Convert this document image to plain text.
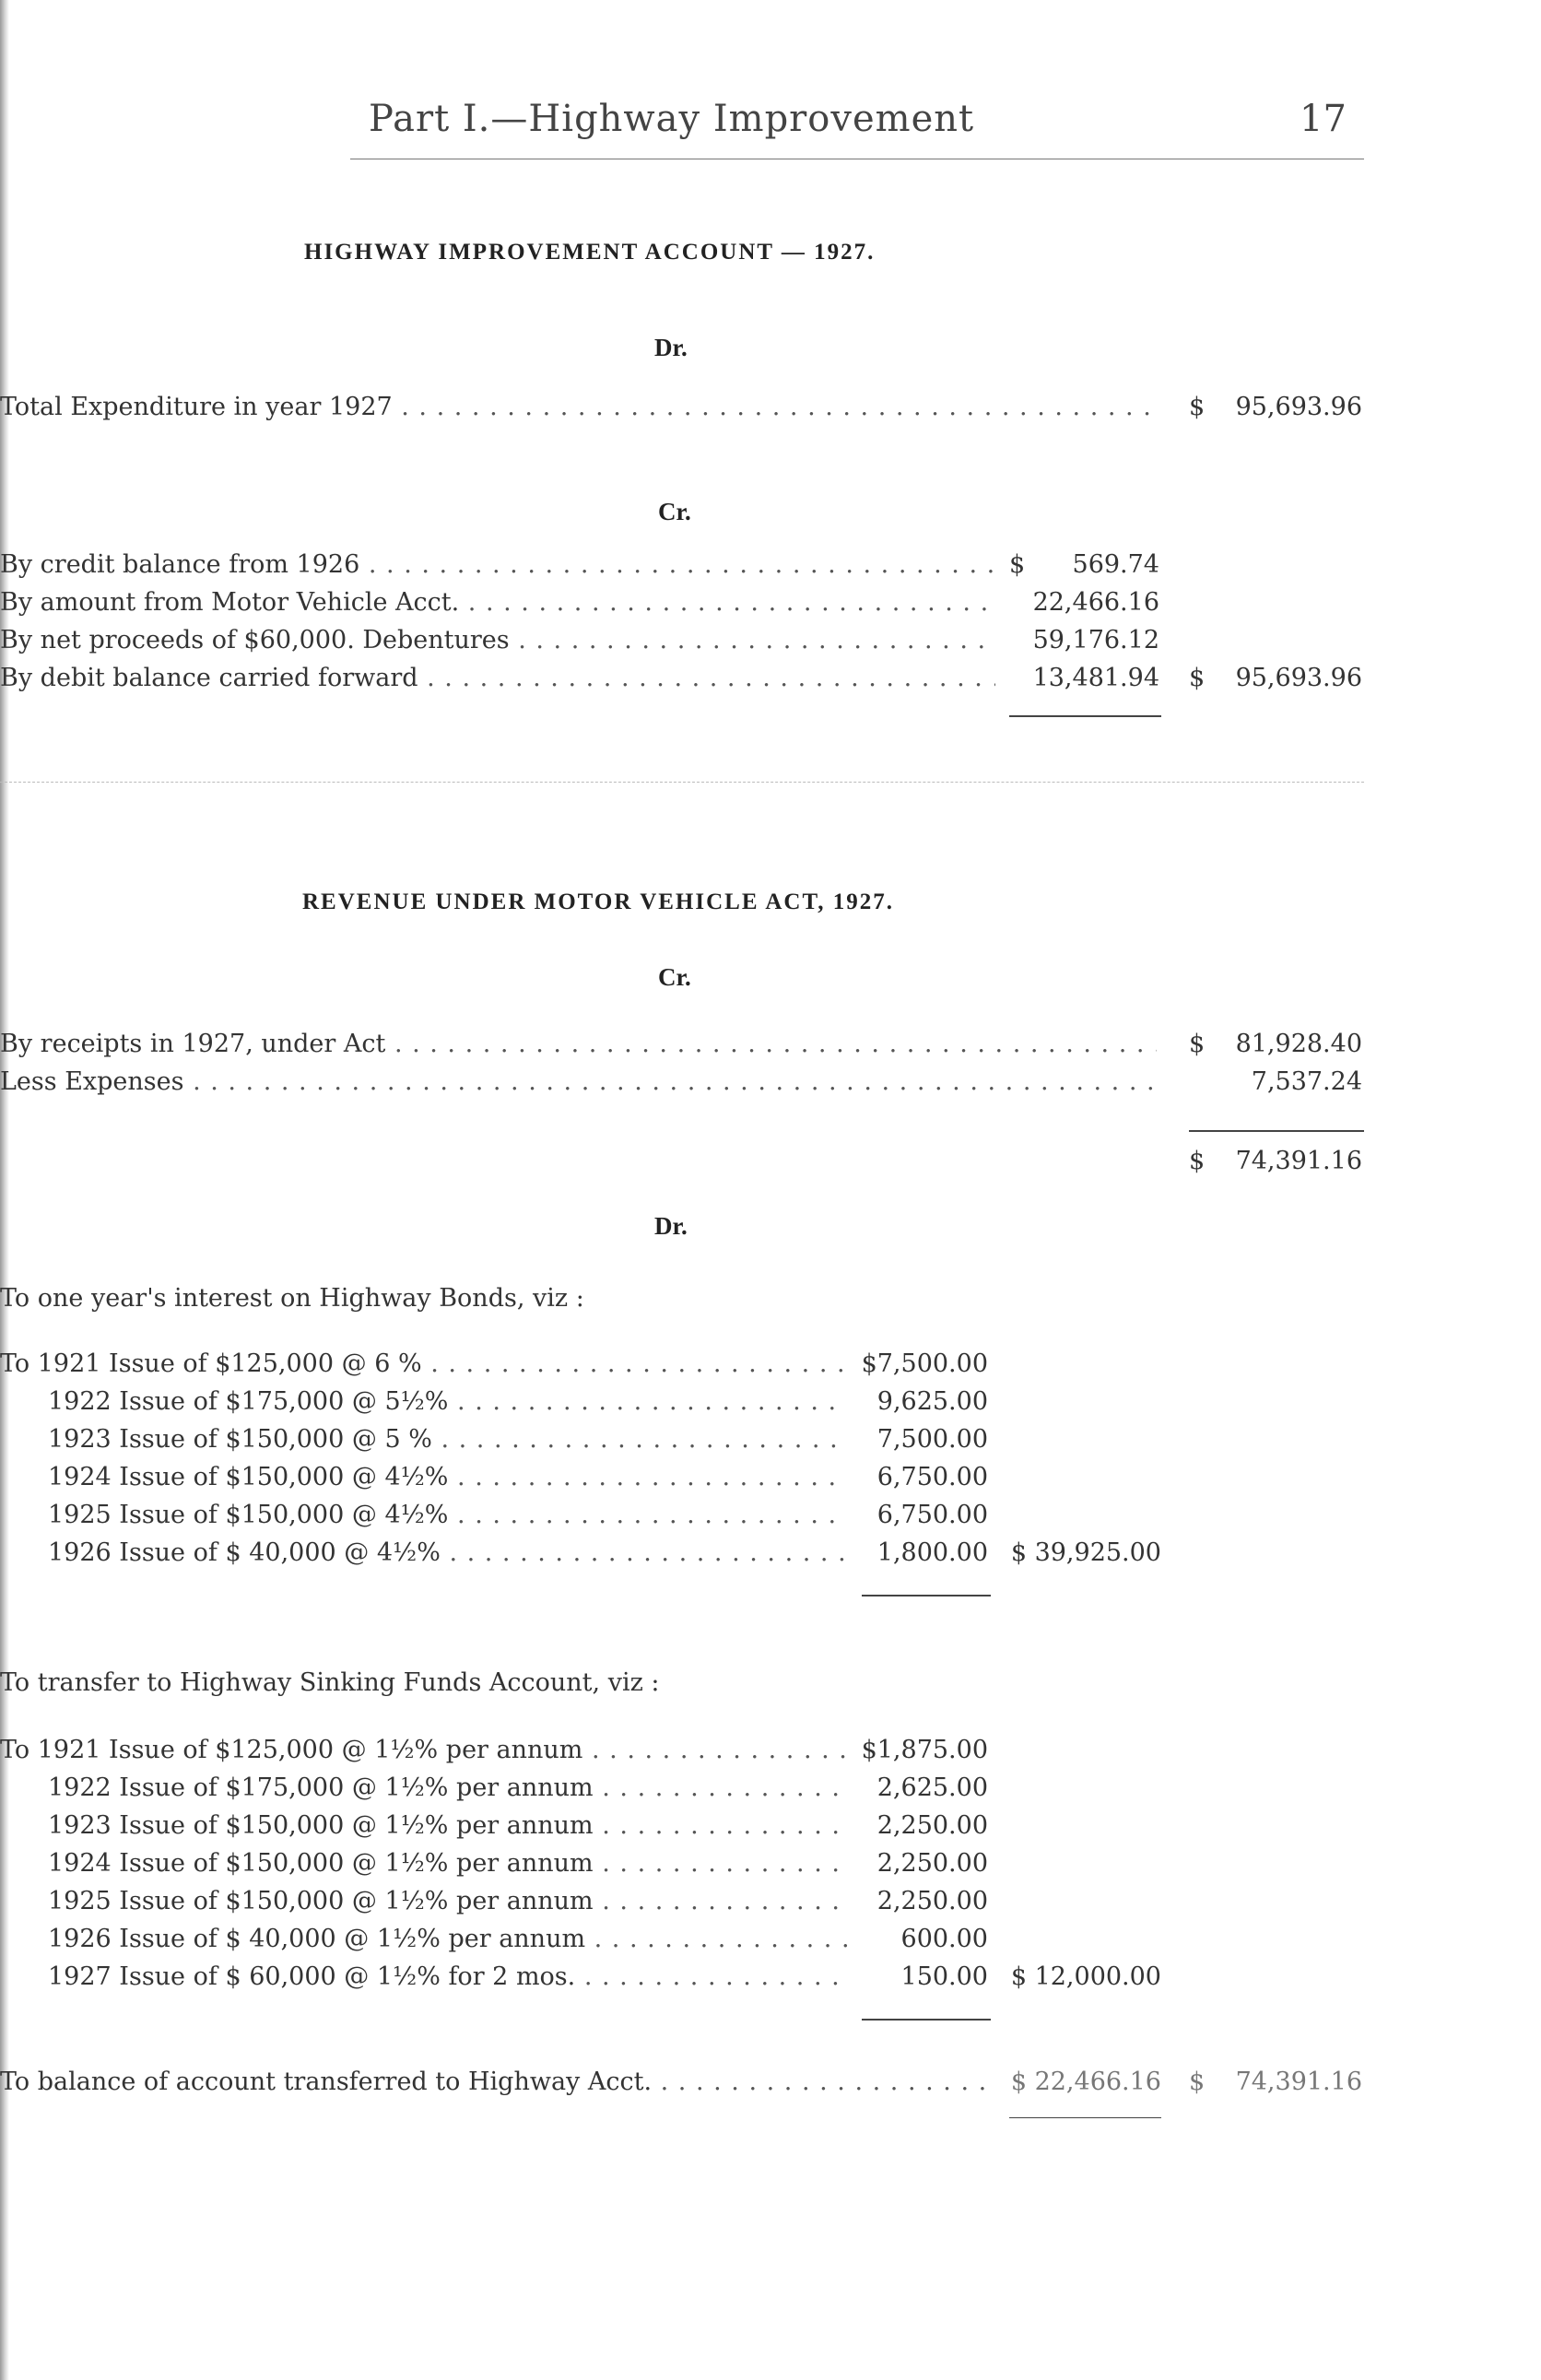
Part I.—Highway Improvement	17
HIGHWAY IMPROVEMENT ACCOUNT — 1927.
Dr.
Total Expenditure in year 1927 . . .	$ 95,693.96
Cr.
By credit balance from 1926 . . .	$	569.74
By amount from Motor Vehicle Acct. . . .	22,466.16
By net proceeds of $60,000. Debentures . . .	59,176.12
By debit balance carried forward . . .	13,481.94 $ 95,693.96
REVENUE UNDER MOTOR VEHICLE ACT, 1927.
Cr.
By receipts in 1927, under Act . . .	$ 81,928.40
Less Expenses . . .	7,537.24
$ 74,391.16
Dr.
To one year's interest on Highway Bonds, viz :
To 1921 Issue of $125,000 @ 6 % . . .	$7,500.00
1922 Issue of $175,000 @ 5½% . . .	9,625.00
1923 Issue of $150,000 @ 5 % . . .	7,500.00
1924 Issue of $150,000 @ 4½% . . .	6,750.00
1925 Issue of $150,000 @ 4½% . . .	6,750.00
1926 Issue of $ 40,000 @ 4½% . . .	1,800.00 $ 39,925.00
To transfer to Highway Sinking Funds Account, viz :
To 1921 Issue of $125,000 @ 1½% per annum . . .	$1,875.00
1922 Issue of $175,000 @ 1½% per annum . . .	2,625.00
1923 Issue of $150,000 @ 1½% per annum . . .	2,250.00
1924 Issue of $150,000 @ 1½% per annum . . .	2,250.00
1925 Issue of $150,000 @ 1½% per annum . . .	2,250.00
1926 Issue of $ 40,000 @ 1½% per annum . . .	600.00
1927 Issue of $ 60,000 @ 1½% for 2 mos. . . .	150.00 $ 12,000.00
To balance of account transferred to Highway Acct. . . .	$ 22,466.16 $ 74,391.16
